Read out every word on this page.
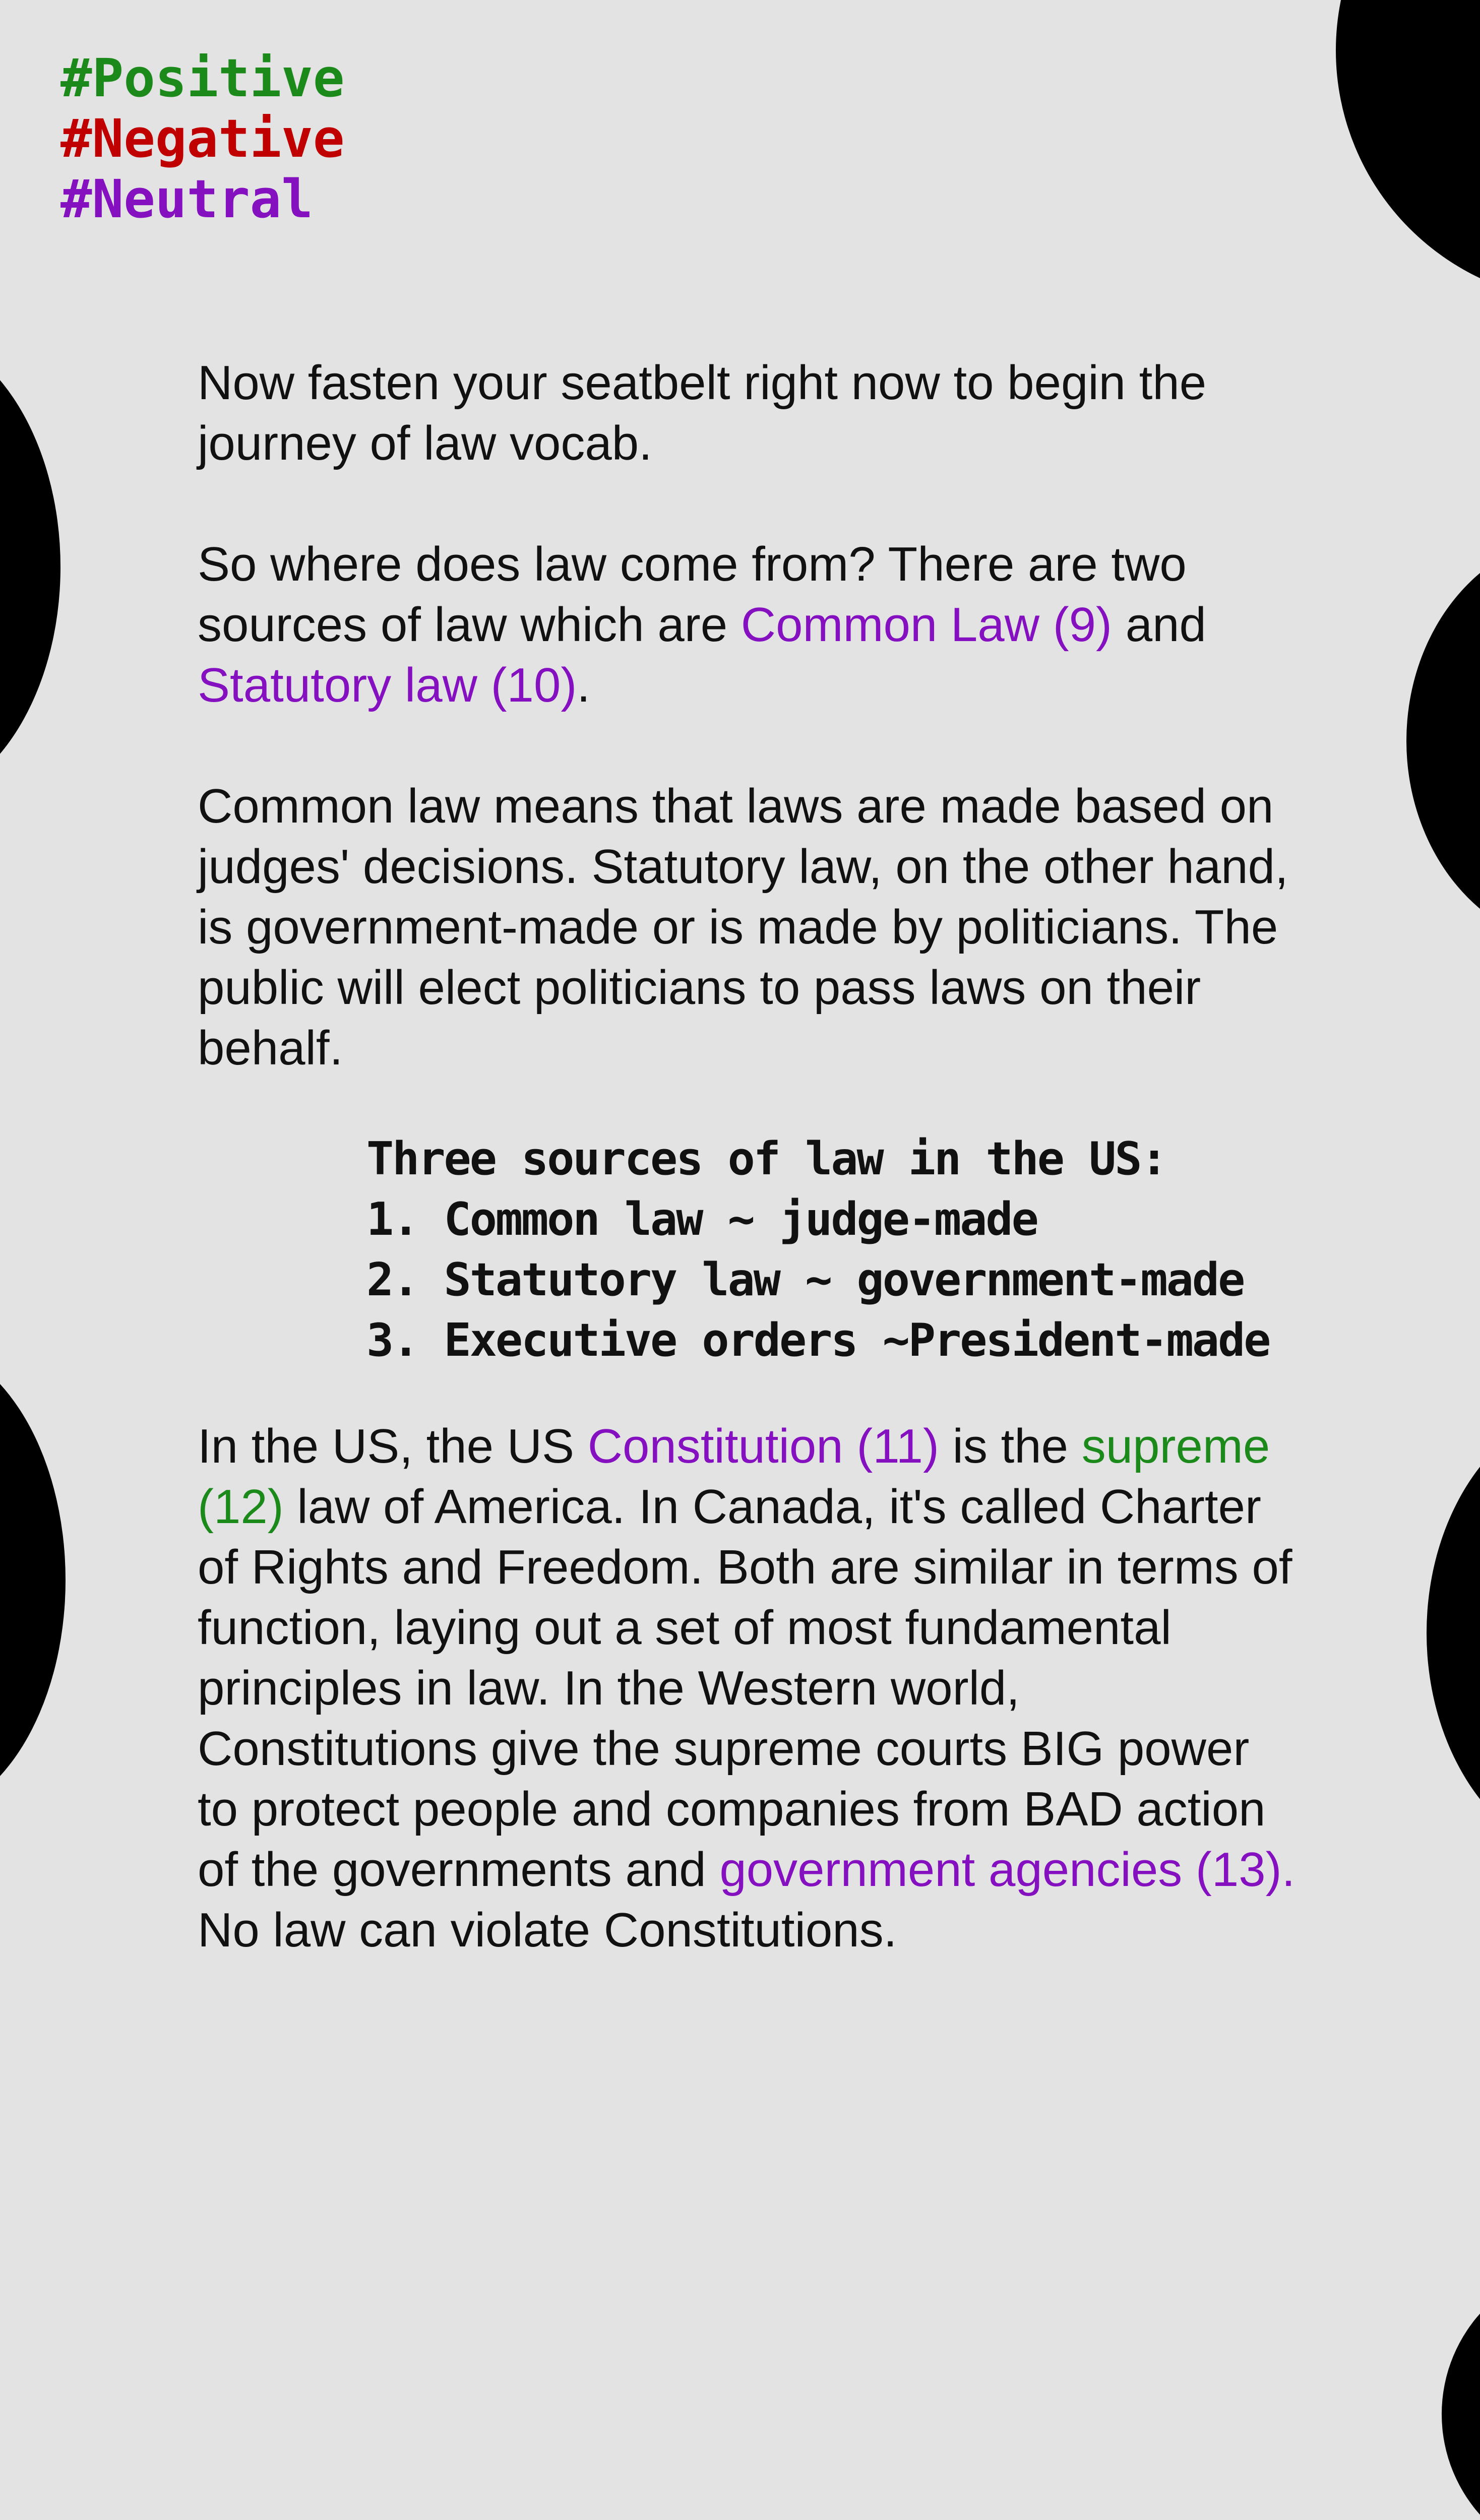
#Positive
#Negative
#Neutral

Now fasten your seatbelt right now to begin the journey of law vocab.

So where does law come from? There are two sources of law which are Common Law (9) and Statutory law (10).

Common law means that laws are made based on judges' decisions. Statutory law, on the other hand, is government-made or is made by politicians. The public will elect politicians to pass laws on their behalf.

Three sources of law in the US:
1. Common law ~ judge-made
2. Statutory law ~ government-made
3. Executive orders ~President-made

In the US, the US Constitution (11) is the supreme (12) law of America. In Canada, it's called Charter of Rights and Freedom. Both are similar in terms of function, laying out a set of most fundamental principles in law. In the Western world, Constitutions give the supreme courts BIG power to protect people and companies from BAD action of the governments and government agencies (13). No law can violate Constitutions.
